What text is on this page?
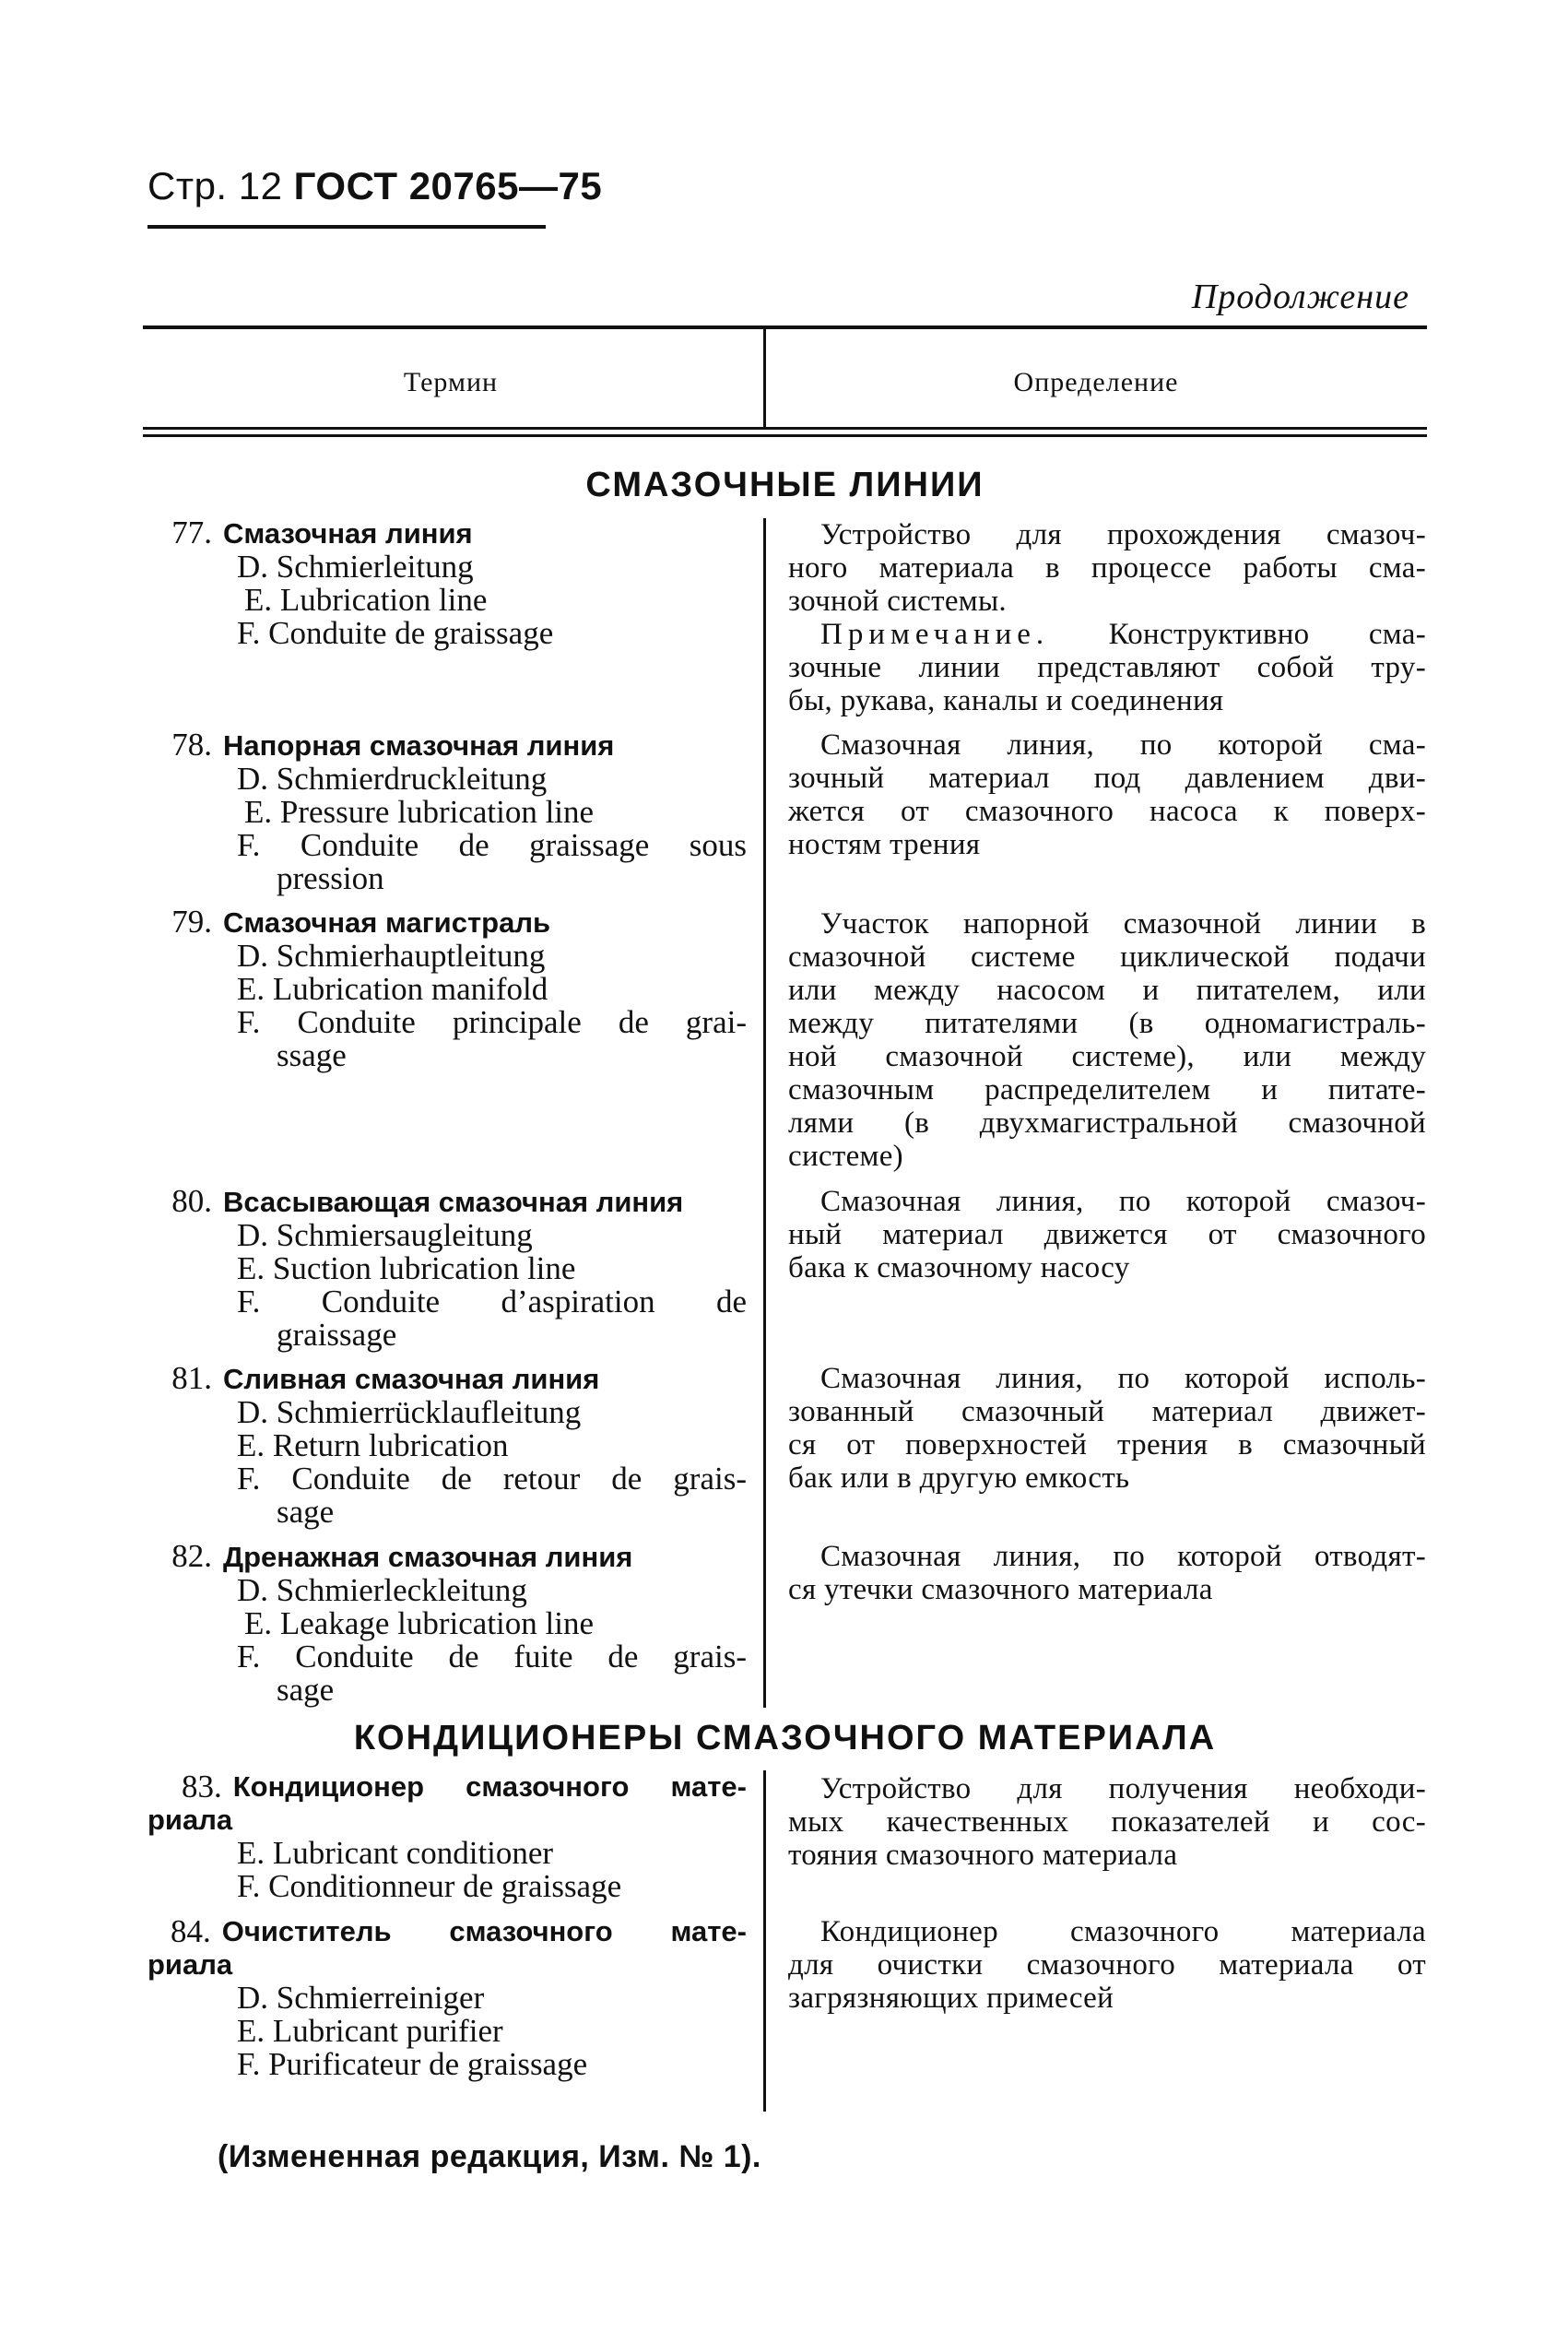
Стр. 12 ГОСТ 20765—75
Продолжение
Термин	Определение
СМАЗОЧНЫЕ ЛИНИИ
77. Смазочная линия
D. Schmierleitung
E. Lubrication line
F. Conduite de graissage
Устройство для прохождения смазоч-
ного материала в процессе работы сма-
зочной системы.
Примечание. Конструктивно сма-
зочные линии представляют собой тру-
бы, рукава, каналы и соединения
78. Напорная смазочная линия
D. Schmierdruckleitung
E. Pressure lubrication line
F. Conduite de graissage sous
pression
Смазочная линия, по которой сма-
зочный материал под давлением дви-
жется от смазочного насоса к поверх-
ностям трения
79. Смазочная магистраль
D. Schmierhauptleitung
E. Lubrication manifold
F. Conduite principale de grai-
ssage
Участок напорной смазочной линии в
смазочной системе циклической подачи
или между насосом и питателем, или
между питателями (в одномагистраль-
ной смазочной системе), или между
смазочным распределителем и питате-
лями (в двухмагистральной смазочной
системе)
80. Всасывающая смазочная линия
D. Schmiersaugleitung
E. Suction lubrication line
F. Conduite d’aspiration de
graissage
Смазочная линия, по которой смазоч-
ный материал движется от смазочного
бака к смазочному насосу
81. Сливная смазочная линия
D. Schmierrücklaufleitung
E. Return lubrication
F. Conduite de retour de grais-
sage
Смазочная линия, по которой исполь-
зованный смазочный материал движет-
ся от поверхностей трения в смазочный
бак или в другую емкость
82. Дренажная смазочная линия
D. Schmierleckleitung
E. Leakage lubrication line
F. Conduite de fuite de grais-
sage
Смазочная линия, по которой отводят-
ся утечки смазочного материала
КОНДИЦИОНЕРЫ СМАЗОЧНОГО МАТЕРИАЛА
83. Кондиционер смазочного мате-
риала
E. Lubricant conditioner
F. Conditionneur de graissage
Устройство для получения необходи-
мых качественных показателей и сос-
тояния смазочного материала
84. Очиститель смазочного мате-
риала
D. Schmierreiniger
E. Lubricant purifier
F. Purificateur de graissage
Кондиционер смазочного материала
для очистки смазочного материала от
загрязняющих примесей
(Измененная редакция, Изм. № 1).
